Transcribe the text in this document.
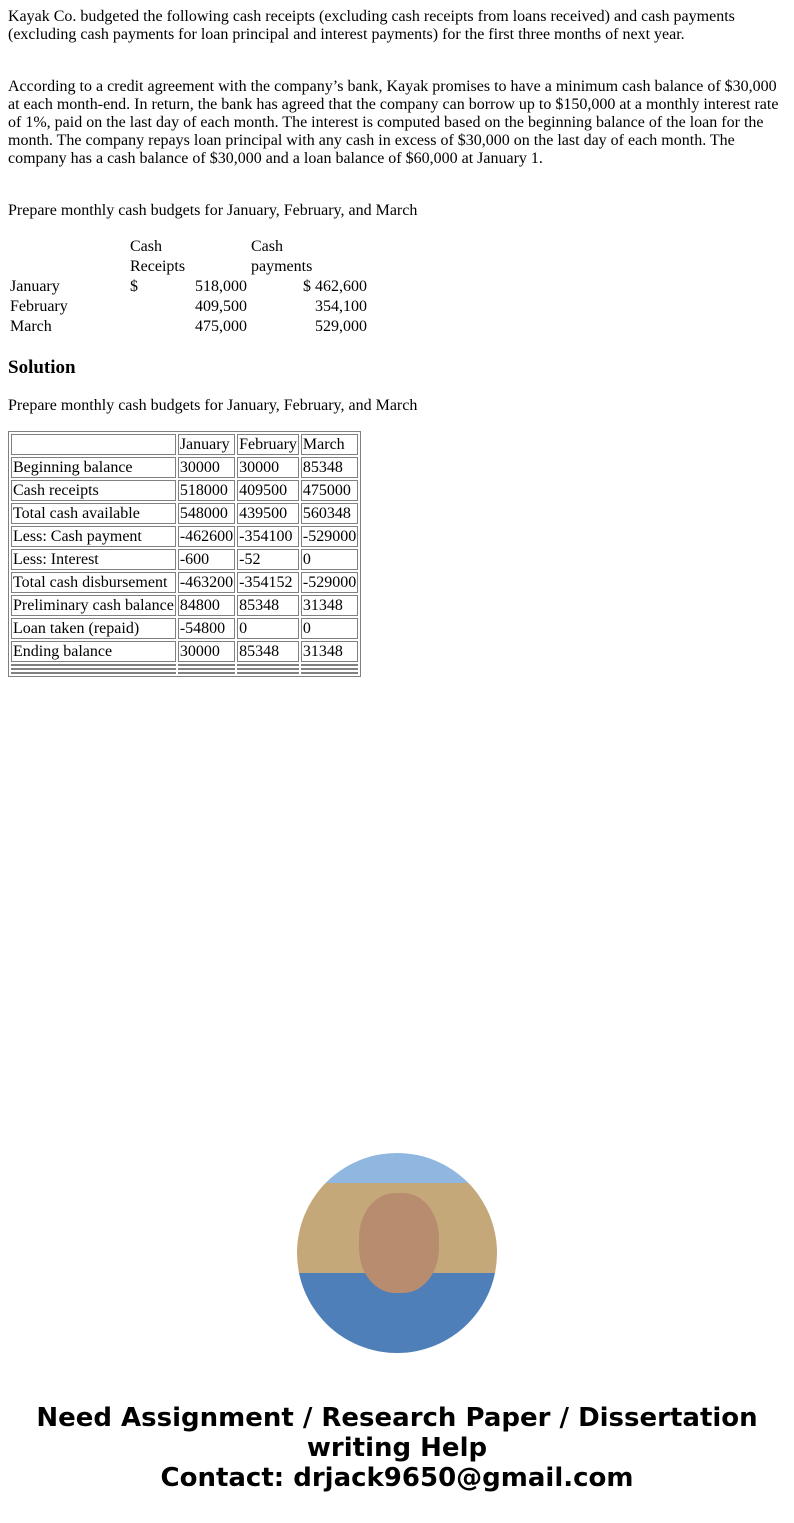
Kayak Co. budgeted the following cash receipts (excluding cash receipts from loans received) and cash payments (excluding cash payments for loan principal and interest payments) for the first three months of next year.

According to a credit agreement with the company’s bank, Kayak promises to have a minimum cash balance of $30,000 at each month-end. In return, the bank has agreed that the company can borrow up to $150,000 at a monthly interest rate of 1%, paid on the last day of each month. The interest is computed based on the beginning balance of the loan for the month. The company repays loan principal with any cash in excess of $30,000 on the last day of each month. The company has a cash balance of $30,000 and a loan balance of $60,000 at January 1.

Prepare monthly cash budgets for January, February, and March

	Cash
Receipts		Cash
payments	
January	$	518,000	$	462,600
February		409,500		354,100
March		475,000		529,000
Solution

Prepare monthly cash budgets for January, February, and March

	January	February	March
Beginning balance	30000	30000	85348
Cash receipts	518000	409500	475000
Total cash available	548000	439500	560348
Less: Cash payment	-462600	-354100	-529000
Less: Interest	-600	-52	0
Total cash disbursement	-463200	-354152	-529000
Preliminary cash balance	84800	85348	31348
Loan taken (repaid)	-54800	0	0
Ending balance	30000	85348	31348

Need Assignment / Research Paper / Dissertation
writing Help
Contact: drjack9650@gmail.com
